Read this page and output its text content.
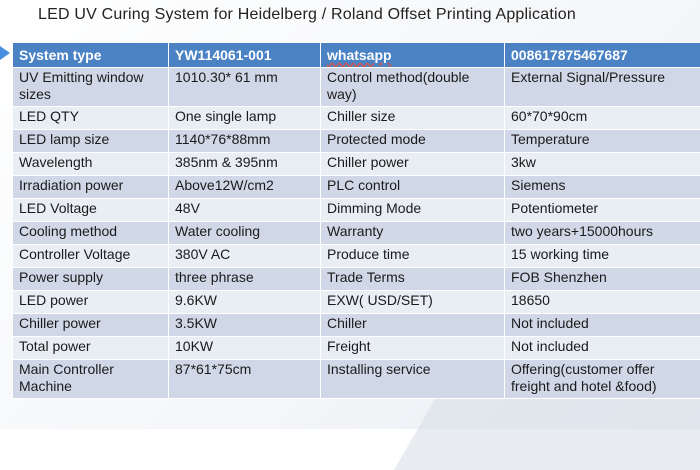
LED UV Curing System for Heidelberg / Roland Offset Printing Application
System type	YW114061-001	whatsapp	008617875467687
UV Emitting window sizes	1010.30* 61 mm	Control method(double way)	External Signal/Pressure
LED QTY	One single lamp	Chiller size	60*70*90cm
LED lamp size	1140*76*88mm	Protected mode	Temperature
Wavelength	385nm & 395nm	Chiller power	3kw
Irradiation power	Above12W/cm2	PLC control	Siemens
LED Voltage	48V	Dimming Mode	Potentiometer
Cooling method	Water cooling	Warranty	two years+15000hours
Controller Voltage	380V AC	Produce time	15 working time
Power supply	three phrase	Trade Terms	FOB Shenzhen
LED power	9.6KW	EXW( USD/SET)	18650
Chiller power	3.5KW	Chiller	Not included
Total power	10KW	Freight	Not included
Main Controller Machine	87*61*75cm	Installing service	Offering(customer offer freight and hotel &food)
